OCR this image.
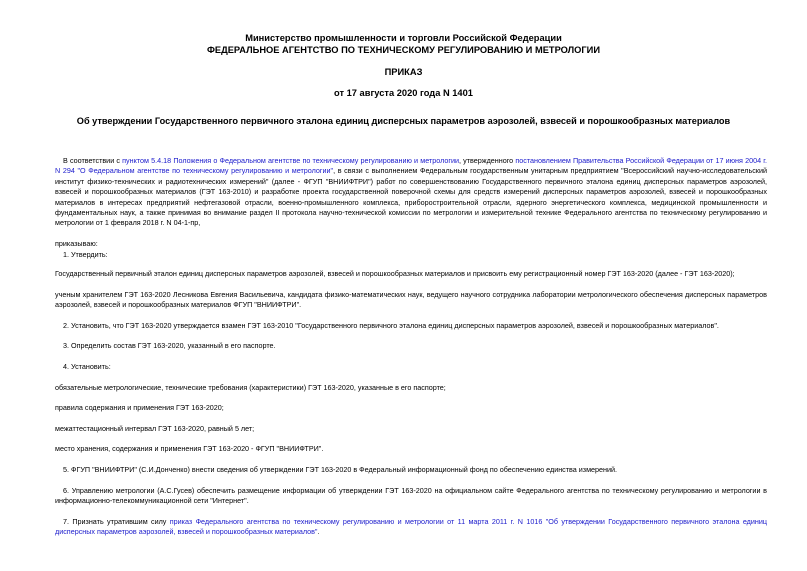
Министерство промышленности и торговли Российской Федерации
ФЕДЕРАЛЬНОЕ АГЕНТСТВО ПО ТЕХНИЧЕСКОМУ РЕГУЛИРОВАНИЮ И МЕТРОЛОГИИ
ПРИКАЗ
от 17 августа 2020 года N 1401
Об утверждении Государственного первичного эталона единиц дисперсных параметров аэрозолей, взвесей и порошкообразных материалов
В соответствии с пунктом 5.4.18 Положения о Федеральном агентстве по техническому регулированию и метрологии, утвержденного постановлением Правительства Российской Федерации от 17 июня 2004 г. N 294 "О Федеральном агентстве по техническому регулированию и метрологии", в связи с выполнением Федеральным государственным унитарным предприятием "Всероссийский научно-исследовательский институт физико-технических и радиотехнических измерений" (далее - ФГУП "ВНИИФТРИ") работ по совершенствованию Государственного первичного эталона единиц дисперсных параметров аэрозолей, взвесей и порошкообразных материалов (ГЭТ 163-2010) и разработке проекта государственной поверочной схемы для средств измерений дисперсных параметров аэрозолей, взвесей и порошкообразных материалов в интересах предприятий нефтегазовой отрасли, военно-промышленного комплекса, приборостроительной отрасли, ядерного энергетического комплекса, медицинской промышленности и фундаментальных наук, а также принимая во внимание раздел II протокола научно-технической комиссии по метрологии и измерительной технике Федерального агентства по техническому регулированию и метрологии от 1 февраля 2018 г. N 04-1-пр,
приказываю:
1. Утвердить:
Государственный первичный эталон единиц дисперсных параметров аэрозолей, взвесей и порошкообразных материалов и присвоить ему регистрационный номер ГЭТ 163-2020 (далее - ГЭТ 163-2020);
ученым хранителем ГЭТ 163-2020 Лесникова Евгения Васильевича, кандидата физико-математических наук, ведущего научного сотрудника лаборатории метрологического обеспечения дисперсных параметров аэрозолей, взвесей и порошкообразных материалов ФГУП "ВНИИФТРИ".
2. Установить, что ГЭТ 163-2020 утверждается взамен ГЭТ 163-2010 "Государственного первичного эталона единиц дисперсных параметров аэрозолей, взвесей и порошкообразных материалов".
3. Определить состав ГЭТ 163-2020, указанный в его паспорте.
4. Установить:
обязательные метрологические, технические требования (характеристики) ГЭТ 163-2020, указанные в его паспорте;
правила содержания и применения ГЭТ 163-2020;
межаттестационный интервал ГЭТ 163-2020, равный 5 лет;
место хранения, содержания и применения ГЭТ 163-2020 - ФГУП "ВНИИФТРИ".
5. ФГУП "ВНИИФТРИ" (С.И.Донченко) внести сведения об утверждении ГЭТ 163-2020 в Федеральный информационный фонд по обеспечению единства измерений.
6. Управлению метрологии (А.С.Гусев) обеспечить размещение информации об утверждении ГЭТ 163-2020 на официальном сайте Федерального агентства по техническому регулированию и метрологии в информационно-телекоммуникационной сети "Интернет".
7. Признать утратившим силу приказ Федерального агентства по техническому регулированию и метрологии от 11 марта 2011 г. N 1016 "Об утверждении Государственного первичного эталона единиц дисперсных параметров аэрозолей, взвесей и порошкообразных материалов".
